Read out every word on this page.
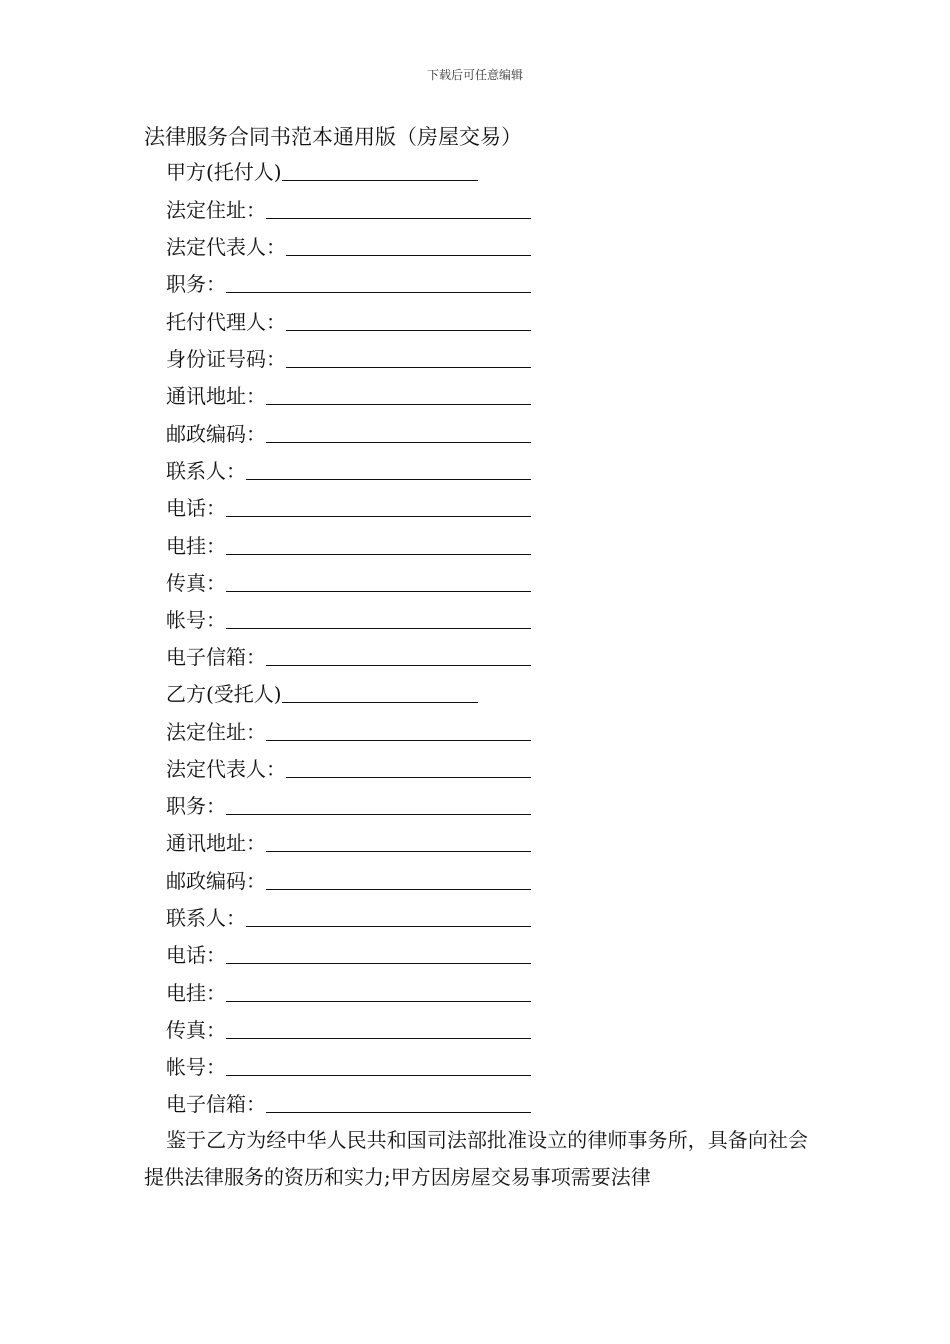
下载后可任意编辑
法律服务合同书范本通用版（房屋交易）
甲方(托付人)
法定住址：
法定代表人：
职务：
托付代理人：
身份证号码：
通讯地址：
邮政编码：
联系人：
电话：
电挂：
传真：
帐号：
电子信箱：
乙方(受托人)
法定住址：
法定代表人：
职务：
通讯地址：
邮政编码：
联系人：
电话：
电挂：
传真：
帐号：
电子信箱：
鉴于乙方为经中华人民共和国司法部批准设立的律师事务所，具备向社会提供法律服务的资历和实力;甲方因房屋交易事项需要法律
